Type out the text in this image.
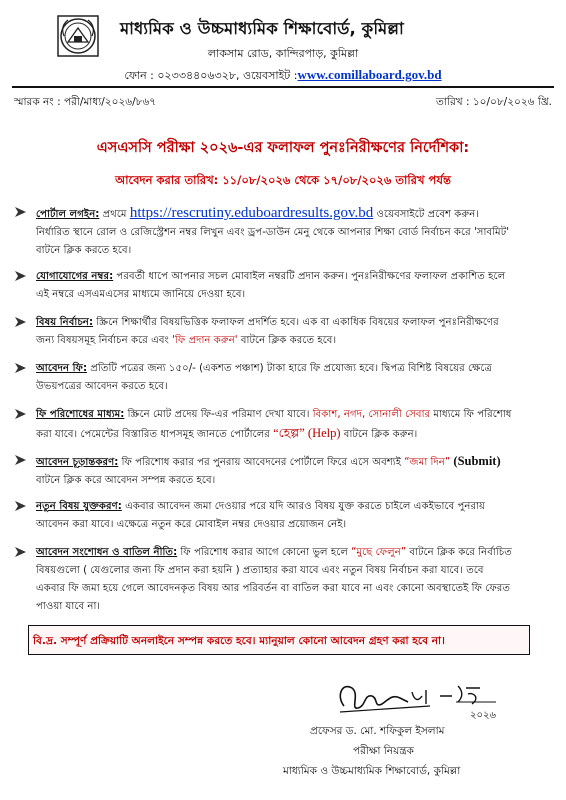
মাধ্যমিক ও উচ্চমাধ্যমিক শিক্ষাবোর্ড, কুমিল্লা
লাকসাম রোড, কান্দিরপাড়, কুমিল্লা
ফোন : ০২৩৩৪৪০৬৩২৮, ওয়েবসাইট :www.comillaboard.gov.bd
স্মারক নং : পরী/মাধ্য/২০২৬/৮৬৭	তারিখ : ১০/০৮/২০২৬ খ্রি.
এসএসসি পরীক্ষা ২০২৬-এর ফলাফল পুনঃনিরীক্ষণের নির্দেশিকা:
আবেদন করার তারিখ: ১১/০৮/২০২৬ থেকে ১৭/০৮/২০২৬ তারিখ পর্যন্ত
পোর্টাল লগইন: প্রথমে https://rescrutiny.eduboardresults.gov.bd ওয়েবসাইটে প্রবেশ করুন। নির্ধারিত স্থানে রোল ও রেজিস্ট্রেশন নম্বর লিখুন এবং ড্রপ-ডাউন মেনু থেকে আপনার শিক্ষা বোর্ড নির্বাচন করে 'সাবমিট' বাটনে ক্লিক করতে হবে।
যোগাযোগের নম্বর: পরবর্তী ধাপে আপনার সচল মোবাইল নম্বরটি প্রদান করুন। পুনঃনিরীক্ষণের ফলাফল প্রকাশিত হলে এই নম্বরে এসএমএসের মাধ্যমে জানিয়ে দেওয়া হবে।
বিষয় নির্বাচন: স্ক্রিনে শিক্ষার্থীর বিষয়ভিত্তিক ফলাফল প্রদর্শিত হবে। এক বা একাধিক বিষয়ের ফলাফল পুনঃনিরীক্ষণের জন্য বিষয়সমূহ নির্বাচন করে এবং 'ফি প্রদান করুন' বাটনে ক্লিক করতে হবে।
আবেদন ফি: প্রতিটি পত্রের জন্য ১৫০/- (একশত পঞ্চাশ) টাকা হারে ফি প্রযোজ্য হবে। দ্বিপত্র বিশিষ্ট বিষয়ের ক্ষেত্রে উভয়পত্রের আবেদন করতে হবে।
ফি পরিশোধের মাধ্যম: স্ক্রিনে মোট প্রদেয় ফি-এর পরিমাণ দেখা যাবে। বিকাশ, নগদ, সোনালী সেবার মাধ্যমে ফি পরিশোধ করা যাবে। পেমেন্টের বিস্তারিত ধাপসমূহ জানতে পোর্টালের “হেল্প” (Help) বাটনে ক্লিক করুন।
আবেদন চূড়ান্তকরণ: ফি পরিশোধ করার পর পুনরায় আবেদনের পোর্টালে ফিরে এসে অবশ্যই “জমা দিন” (Submit) বাটনে ক্লিক করে আবেদন সম্পন্ন করতে হবে।
নতুন বিষয় যুক্তকরণ: একবার আবেদন জমা দেওয়ার পরে যদি আরও বিষয় যুক্ত করতে চাইলে একইভাবে পুনরায় আবেদন করা যাবে। এক্ষেত্রে নতুন করে মোবাইল নম্বর দেওয়ার প্রয়োজন নেই।
আবেদন সংশোধন ও বাতিল নীতি: ফি পরিশোধ করার আগে কোনো ভুল হলে “মুছে ফেলুন” বাটনে ক্লিক করে নির্বাচিত বিষয়গুলো ( যেগুলোর জন্য ফি প্রদান করা হয়নি ) প্রত্যাহার করা যাবে এবং নতুন বিষয় নির্বাচন করা যাবে। তবে একবার ফি জমা হয়ে গেলে আবেদনকৃত বিষয় আর পরিবর্তন বা বাতিল করা যাবে না এবং কোনো অবস্থাতেই ফি ফেরত পাওয়া যাবে না।
বি.দ্র. সম্পূর্ণ প্রক্রিয়াটি অনলাইনে সম্পন্ন করতে হবে। ম্যানুয়াল কোনো আবেদন গ্রহণ করা হবে না।
২০২৬
প্রফেসর ড. মো. শফিকুল ইসলাম
পরীক্ষা নিয়ন্ত্রক
মাধ্যমিক ও উচ্চমাধ্যমিক শিক্ষাবোর্ড, কুমিল্লা
